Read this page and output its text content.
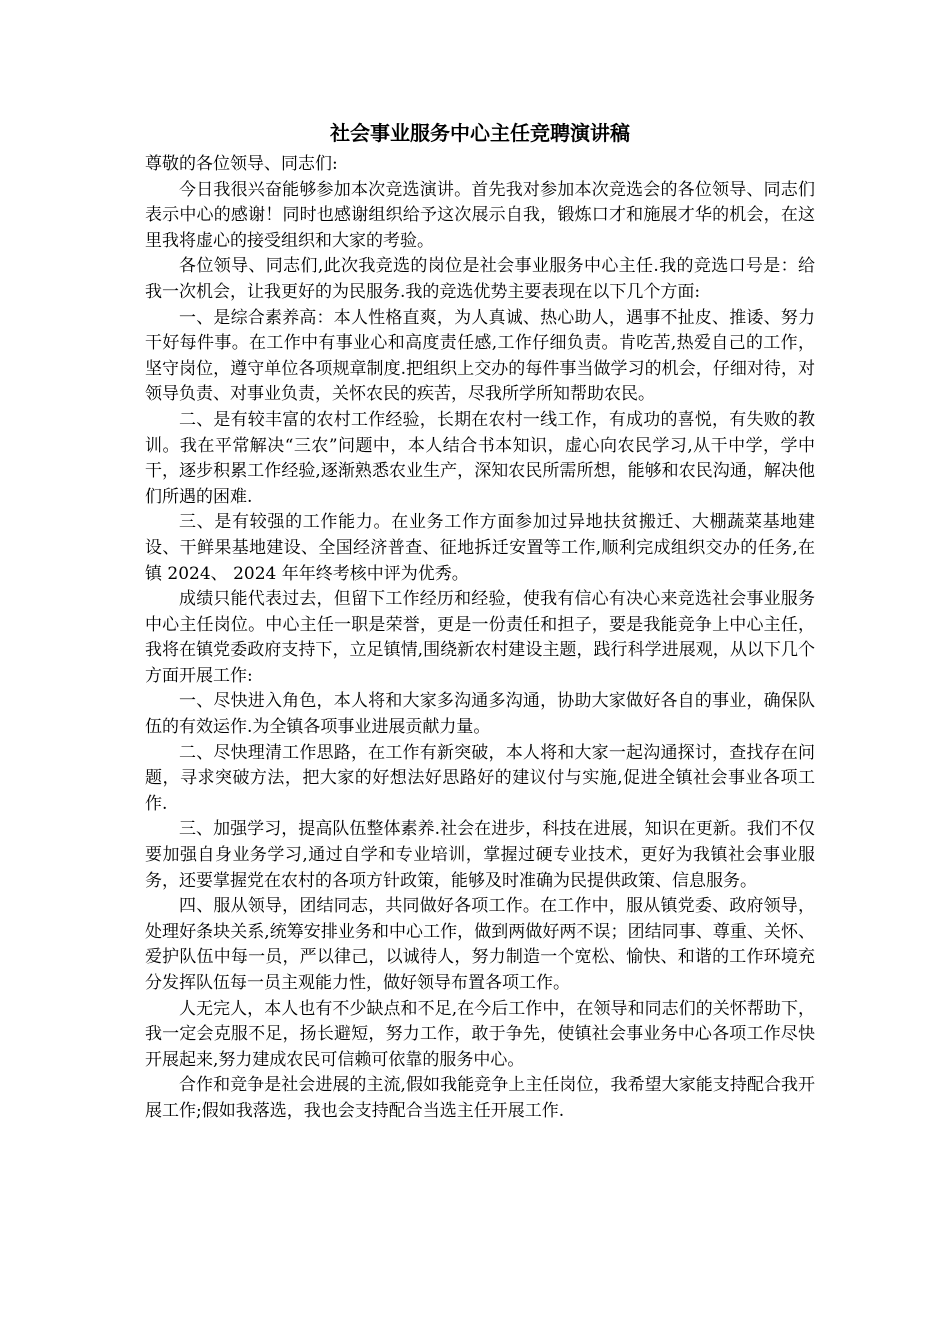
社会事业服务中心主任竞聘演讲稿

尊敬的各位领导、同志们:

今日我很兴奋能够参加本次竞选演讲。首先我对参加本次竞选会的各位领导、同志们表示中心的感谢！同时也感谢组织给予这次展示自我，锻炼口才和施展才华的机会，在这里我将虚心的接受组织和大家的考验。

各位领导、同志们,此次我竞选的岗位是社会事业服务中心主任.我的竞选口号是：给我一次机会，让我更好的为民服务.我的竞选优势主要表现在以下几个方面:

一、是综合素养高：本人性格直爽，为人真诚、热心助人，遇事不扯皮、推诿、努力干好每件事。在工作中有事业心和高度责任感,工作仔细负责。肯吃苦,热爱自己的工作，坚守岗位，遵守单位各项规章制度.把组织上交办的每件事当做学习的机会，仔细对待，对领导负责、对事业负责，关怀农民的疾苦，尽我所学所知帮助农民。

二、是有较丰富的农村工作经验，长期在农村一线工作，有成功的喜悦，有失败的教训。我在平常解决“三农”问题中，本人结合书本知识，虚心向农民学习,从干中学，学中干，逐步积累工作经验,逐渐熟悉农业生产，深知农民所需所想，能够和农民沟通，解决他们所遇的困难.

三、是有较强的工作能力。在业务工作方面参加过异地扶贫搬迁、大棚蔬菜基地建设、干鲜果基地建设、全国经济普查、征地拆迁安置等工作,顺利完成组织交办的任务,在镇 2024、 2024 年年终考核中评为优秀。

成绩只能代表过去，但留下工作经历和经验，使我有信心有决心来竞选社会事业服务中心主任岗位。中心主任一职是荣誉，更是一份责任和担子，要是我能竞争上中心主任，我将在镇党委政府支持下，立足镇情,围绕新农村建设主题，践行科学进展观，从以下几个方面开展工作:

一、尽快进入角色，本人将和大家多沟通多沟通，协助大家做好各自的事业，确保队伍的有效运作.为全镇各项事业进展贡献力量。

二、尽快理清工作思路，在工作有新突破，本人将和大家一起沟通探讨，查找存在问题，寻求突破方法，把大家的好想法好思路好的建议付与实施,促进全镇社会事业各项工作.

三、加强学习，提高队伍整体素养.社会在进步，科技在进展，知识在更新。我们不仅要加强自身业务学习,通过自学和专业培训，掌握过硬专业技术，更好为我镇社会事业服务，还要掌握党在农村的各项方针政策，能够及时准确为民提供政策、信息服务。

四、服从领导，团结同志，共同做好各项工作。在工作中，服从镇党委、政府领导，处理好条块关系,统筹安排业务和中心工作，做到两做好两不误；团结同事、尊重、关怀、爱护队伍中每一员，严以律己，以诚待人，努力制造一个宽松、愉快、和谐的工作环境充分发挥队伍每一员主观能力性，做好领导布置各项工作。

人无完人，本人也有不少缺点和不足,在今后工作中，在领导和同志们的关怀帮助下，我一定会克服不足，扬长避短，努力工作，敢于争先，使镇社会事业务中心各项工作尽快开展起来,努力建成农民可信赖可依靠的服务中心。

合作和竞争是社会进展的主流,假如我能竞争上主任岗位，我希望大家能支持配合我开展工作;假如我落选，我也会支持配合当选主任开展工作.
